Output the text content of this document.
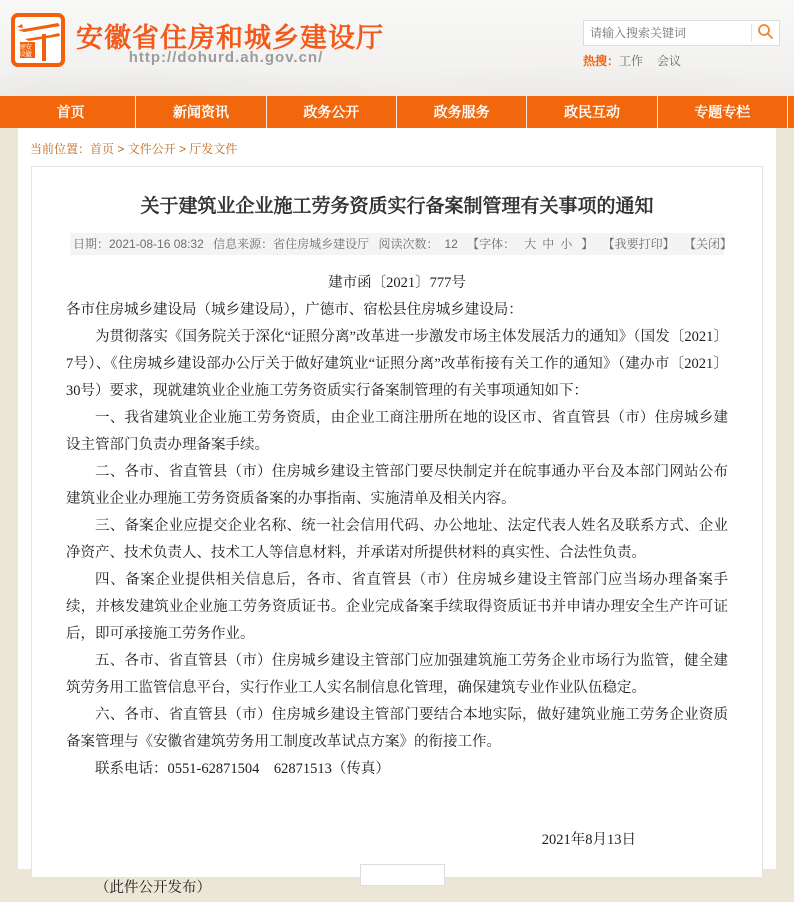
安
徽
建
设
安徽省住房和城乡建设厅
http://dohurd.ah.gov.cn/
请输入搜索关键词	热搜：工作 会议
首页	新闻资讯	政务公开	政务服务	政民互动	专题专栏
当前位置：首页 > 文件公开 > 厅发文件
关于建筑业企业施工劳务资质实行备案制管理有关事项的通知
日期：2021-08-16 08:32 信息来源：省住房城乡建设厅 阅读次数： 12 【字体： 大 中 小 】 【我要打印】 【关闭】

建市函〔2021〕777号

各市住房城乡建设局（城乡建设局），广德市、宿松县住房城乡建设局：

为贯彻落实《国务院关于深化“证照分离”改革进一步激发市场主体发展活力的通知》（国发〔2021〕7号）、《住房城乡建设部办公厅关于做好建筑业“证照分离”改革衔接有关工作的通知》（建办市〔2021〕30号）要求，现就建筑业企业施工劳务资质实行备案制管理的有关事项通知如下：

一、我省建筑业企业施工劳务资质，由企业工商注册所在地的设区市、省直管县（市）住房城乡建设主管部门负责办理备案手续。

二、各市、省直管县（市）住房城乡建设主管部门要尽快制定并在皖事通办平台及本部门网站公布建筑业企业办理施工劳务资质备案的办事指南、实施清单及相关内容。

三、备案企业应提交企业名称、统一社会信用代码、办公地址、法定代表人姓名及联系方式、企业净资产、技术负责人、技术工人等信息材料，并承诺对所提供材料的真实性、合法性负责。

四、备案企业提供相关信息后，各市、省直管县（市）住房城乡建设主管部门应当场办理备案手续，并核发建筑业企业施工劳务资质证书。企业完成备案手续取得资质证书并申请办理安全生产许可证后，即可承接施工劳务作业。

五、各市、省直管县（市）住房城乡建设主管部门应加强建筑施工劳务企业市场行为监管，健全建筑劳务用工监管信息平台，实行作业工人实名制信息化管理，确保建筑专业作业队伍稳定。

六、各市、省直管县（市）住房城乡建设主管部门要结合本地实际，做好建筑业施工劳务企业资质备案管理与《安徽省建筑劳务用工制度改革试点方案》的衔接工作。

联系电话：0551-62871504　62871513（传真）

2021年8月13日

（此件公开发布）
